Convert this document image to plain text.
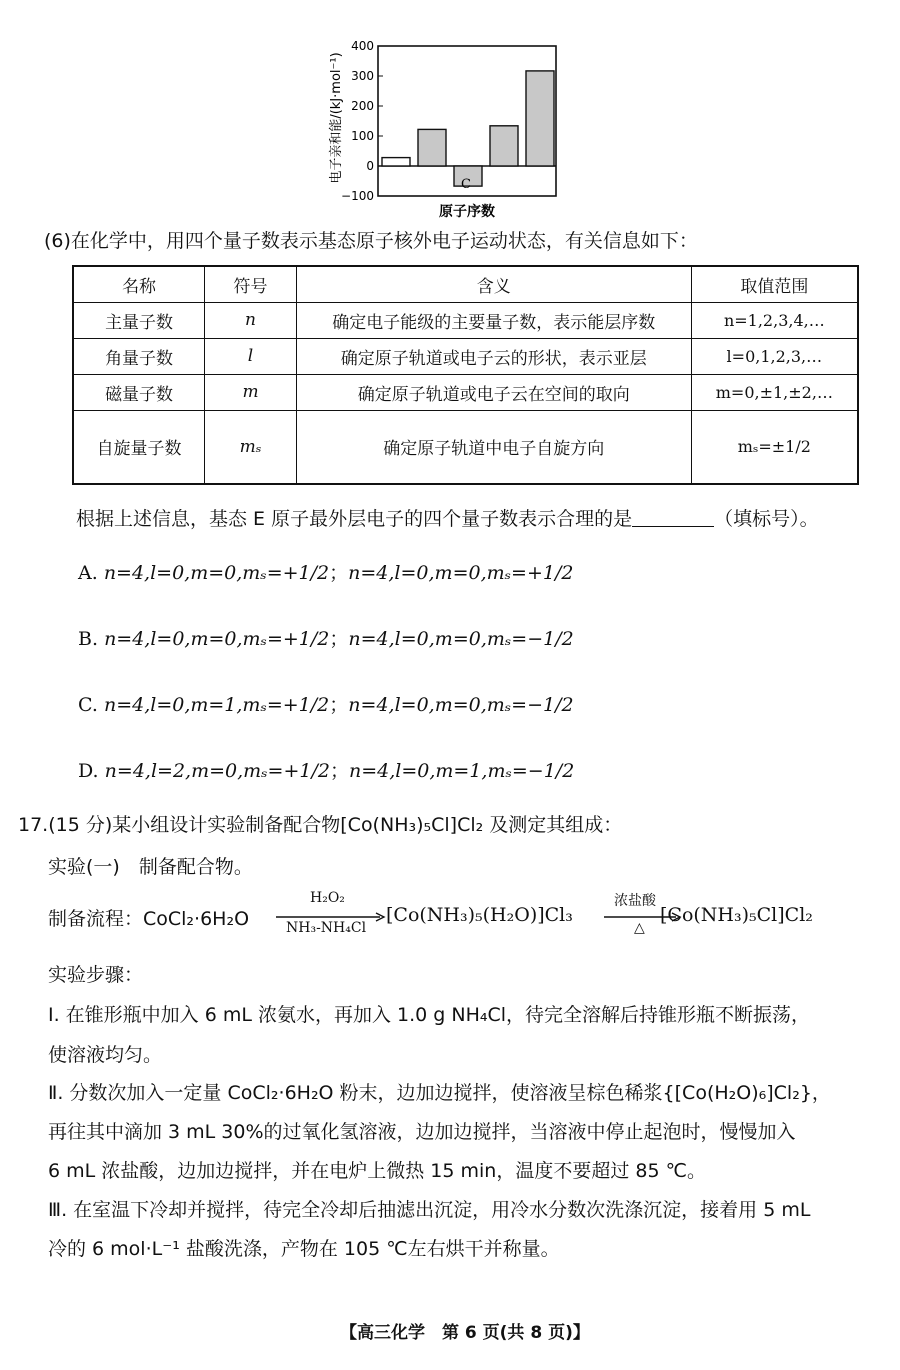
电子亲和能/(kJ·mol⁻¹)
400
300
200
100
0
−100
C
原子序数
(6)在化学中，用四个量子数表示基态原子核外电子运动状态，有关信息如下：
名称	符号	含义	取值范围
主量子数	n	确定电子能级的主要量子数，表示能层序数	n=1,2,3,4,…
角量子数	l	确定原子轨道或电子云的形状，表示亚层	l=0,1,2,3,…
磁量子数	m	确定原子轨道或电子云在空间的取向	m=0,±1,±2,…
自旋量子数	mₛ	确定原子轨道中电子自旋方向	mₛ=±1/2
根据上述信息，基态 E 原子最外层电子的四个量子数表示合理的是	（填标号）。
A. n=4,l=0,m=0,mₛ=+1/2；n=4,l=0,m=0,mₛ=+1/2
B. n=4,l=0,m=0,mₛ=+1/2；n=4,l=0,m=0,mₛ=−1/2
C. n=4,l=0,m=1,mₛ=+1/2；n=4,l=0,m=0,mₛ=−1/2
D. n=4,l=2,m=0,mₛ=+1/2；n=4,l=0,m=1,mₛ=−1/2
17.(15 分)某小组设计实验制备配合物[Co(NH₃)₅Cl]Cl₂ 及测定其组成：
实验(一)　制备配合物。
制备流程：CoCl₂·6H₂O
H₂O₂
NH₃-NH₄Cl
[Co(NH₃)₅(H₂O)]Cl₃
浓盐酸
△
[Co(NH₃)₅Cl]Cl₂
实验步骤：
Ⅰ. 在锥形瓶中加入 6 mL 浓氨水，再加入 1.0 g NH₄Cl，待完全溶解后持锥形瓶不断振荡，
使溶液均匀。
Ⅱ. 分数次加入一定量 CoCl₂·6H₂O 粉末，边加边搅拌，使溶液呈棕色稀浆{[Co(H₂O)₆]Cl₂}，
再往其中滴加 3 mL 30%的过氧化氢溶液，边加边搅拌，当溶液中停止起泡时，慢慢加入
6 mL 浓盐酸，边加边搅拌，并在电炉上微热 15 min，温度不要超过 85 ℃。
Ⅲ. 在室温下冷却并搅拌，待完全冷却后抽滤出沉淀，用冷水分数次洗涤沉淀，接着用 5 mL
冷的 6 mol·L⁻¹ 盐酸洗涤，产物在 105 ℃左右烘干并称量。
【高三化学　第 6 页(共 8 页)】
